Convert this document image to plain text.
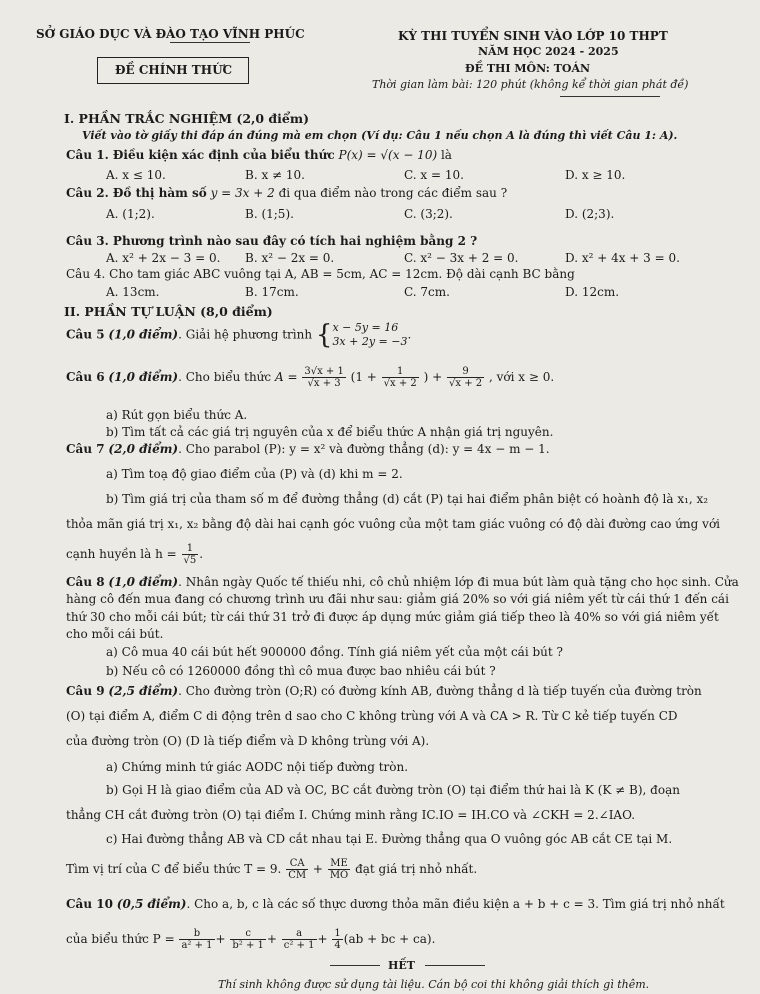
SỞ GIÁO DỤC VÀ ĐÀO TẠO VĨNH PHÚC	KỲ THI TUYỂN SINH VÀO LỚP 10 THPT
NĂM HỌC 2024 - 2025
ĐỀ CHÍNH THỨC	ĐỀ THI MÔN: TOÁN
Thời gian làm bài: 120 phút (không kể thời gian phát đề)
I. PHẦN TRẮC NGHIỆM (2,0 điểm)
Viết vào tờ giấy thi đáp án đúng mà em chọn (Ví dụ: Câu 1 nếu chọn A là đúng thì viết Câu 1: A).
Câu 1. Điều kiện xác định của biểu thức P(x) = √(x − 10) là
A. x ≤ 10.	B. x ≠ 10.	C. x = 10.	D. x ≥ 10.
Câu 2. Đồ thị hàm số y = 3x + 2 đi qua điểm nào trong các điểm sau ?
A. (1;2).	B. (1;5).	C. (3;2).	D. (2;3).
Câu 3. Phương trình nào sau đây có tích hai nghiệm bằng 2 ?
A. x² + 2x − 3 = 0. B. x² − 2x = 0.	C. x² − 3x + 2 = 0.	D. x² + 4x + 3 = 0.
Câu 4. Cho tam giác ABC vuông tại A, AB = 5cm, AC = 12cm. Độ dài cạnh BC bằng
A. 13cm.	B. 17cm.	C. 7cm.	D. 12cm.
II. PHẦN TỰ LUẬN (8,0 điểm)
Câu 5 (1,0 điểm). Giải hệ phương trình {x − 5y = 16
3x + 2y = −3.
Câu 6 (1,0 điểm). Cho biểu thức $A = \frac{3√x + 1}{√x + 3} (1 + \frac{1}{√x + 2}$ ) + $\frac{9}{√x + 2}$ , với x ≥ 0.
a) Rút gọn biểu thức A.
b) Tìm tất cả các giá trị nguyên của x để biểu thức A nhận giá trị nguyên.
Câu 7 (2,0 điểm). Cho parabol (P): y = x² và đường thẳng (d): y = 4x − m − 1.
a) Tìm toạ độ giao điểm của (P) và (d) khi m = 2.
b) Tìm giá trị của tham số m để đường thẳng (d) cắt (P) tại hai điểm phân biệt có hoành độ là x₁, x₂
thỏa mãn giá trị x₁, x₂ bằng độ dài hai cạnh góc vuông của một tam giác vuông có độ dài đường cao ứng với
cạnh huyền là $h = \frac{1}{√5}$ .
Câu 8 (1,0 điểm). Nhân ngày Quốc tế thiếu nhi, cô chủ nhiệm lớp đi mua bút làm quà tặng cho học sinh. Cửa
hàng cô đến mua đang có chương trình ưu đãi như sau: giảm giá 20% so với giá niêm yết từ cái thứ 1 đến cái
thứ 30 cho mỗi cái bút; từ cái thứ 31 trở đi được áp dụng mức giảm giá tiếp theo là 40% so với giá niêm yết
cho mỗi cái bút.
a) Cô mua 40 cái bút hết 900000 đồng. Tính giá niêm yết của một cái bút ?
b) Nếu cô có 1260000 đồng thì cô mua được bao nhiêu cái bút ?
Câu 9 (2,5 điểm). Cho đường tròn (O;R) có đường kính AB, đường thẳng d là tiếp tuyến của đường tròn
(O) tại điểm A, điểm C di động trên d sao cho C không trùng với A và CA > R. Từ C kẻ tiếp tuyến CD
của đường tròn (O) (D là tiếp điểm và D không trùng với A).
a) Chứng minh tứ giác AODC nội tiếp đường tròn.
b) Gọi H là giao điểm của AD và OC, BC cắt đường tròn (O) tại điểm thứ hai là K (K ≠ B), đoạn
thẳng CH cắt đường tròn (O) tại điểm I. Chứng minh rằng IC.IO = IH.CO và ∠CKH = 2.∠IAO.
c) Hai đường thẳng AB và CD cắt nhau tại E. Đường thẳng qua O vuông góc AB cắt CE tại M.
Tìm vị trí của C để biểu thức T = 9. $\frac{CA}{CM} + \frac{ME}{MO}$ đạt giá trị nhỏ nhất.
Câu 10 (0,5 điểm). Cho a, b, c là các số thực dương thỏa mãn điều kiện a + b + c = 3. Tìm giá trị nhỏ nhất
của biểu thức $P = \frac{b}{\text{a² + 1}} + \frac{c}{\text{b² + 1}} + \frac{a}{\text{c² + 1}} + \frac{1}{4} (ab$ + bc + ca).
HẾT
Thí sinh không được sử dụng tài liệu. Cán bộ coi thi không giải thích gì thêm.
